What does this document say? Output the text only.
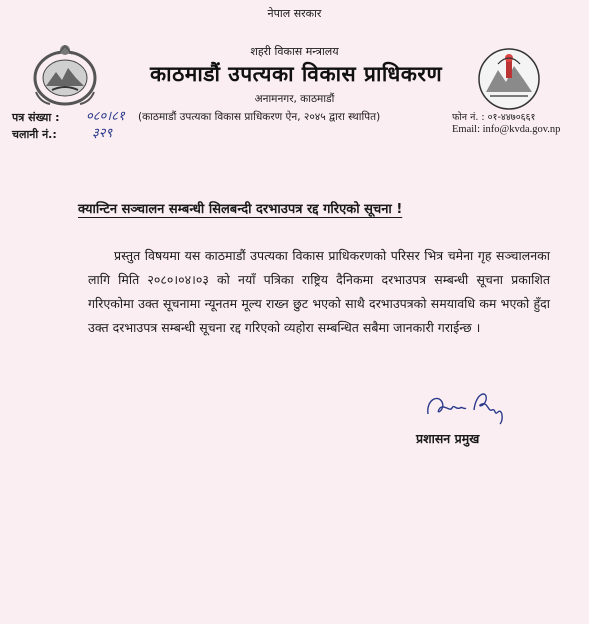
नेपाल सरकार
शहरी विकास मन्त्रालय
काठमाडौं उपत्यका विकास प्राधिकरण
अनामनगर, काठमाडौं
(काठमाडौं उपत्यका विकास प्राधिकरण ऐन, २०४५ द्वारा स्थापित)
पत्र संख्या : ०८०।८१
चलानी नं.:	३२९
फोन नं. : ०१-४४७०६६१
Email: info@kvda.gov.np
क्यान्टिन सञ्चालन सम्बन्धी सिलबन्दी दरभाउपत्र रद्द गरिएको सूचना !

प्रस्तुत विषयमा यस काठमाडौं उपत्यका विकास प्राधिकरणको परिसर भित्र चमेना गृह सञ्चालनका लागि मिति २०८०।०४।०३ को नयाँ पत्रिका राष्ट्रिय दैनिकमा दरभाउपत्र सम्बन्धी सूचना प्रकाशित गरिएकोमा उक्त सूचनामा न्यूनतम मूल्य राख्न छुट भएको साथै दरभाउपत्रको समयावधि कम भएको हुँदा उक्त दरभाउपत्र सम्बन्धी सूचना रद्द गरिएको व्यहोरा सम्बन्धित सबैमा जानकारी गराईन्छ ।

प्रशासन प्रमुख
